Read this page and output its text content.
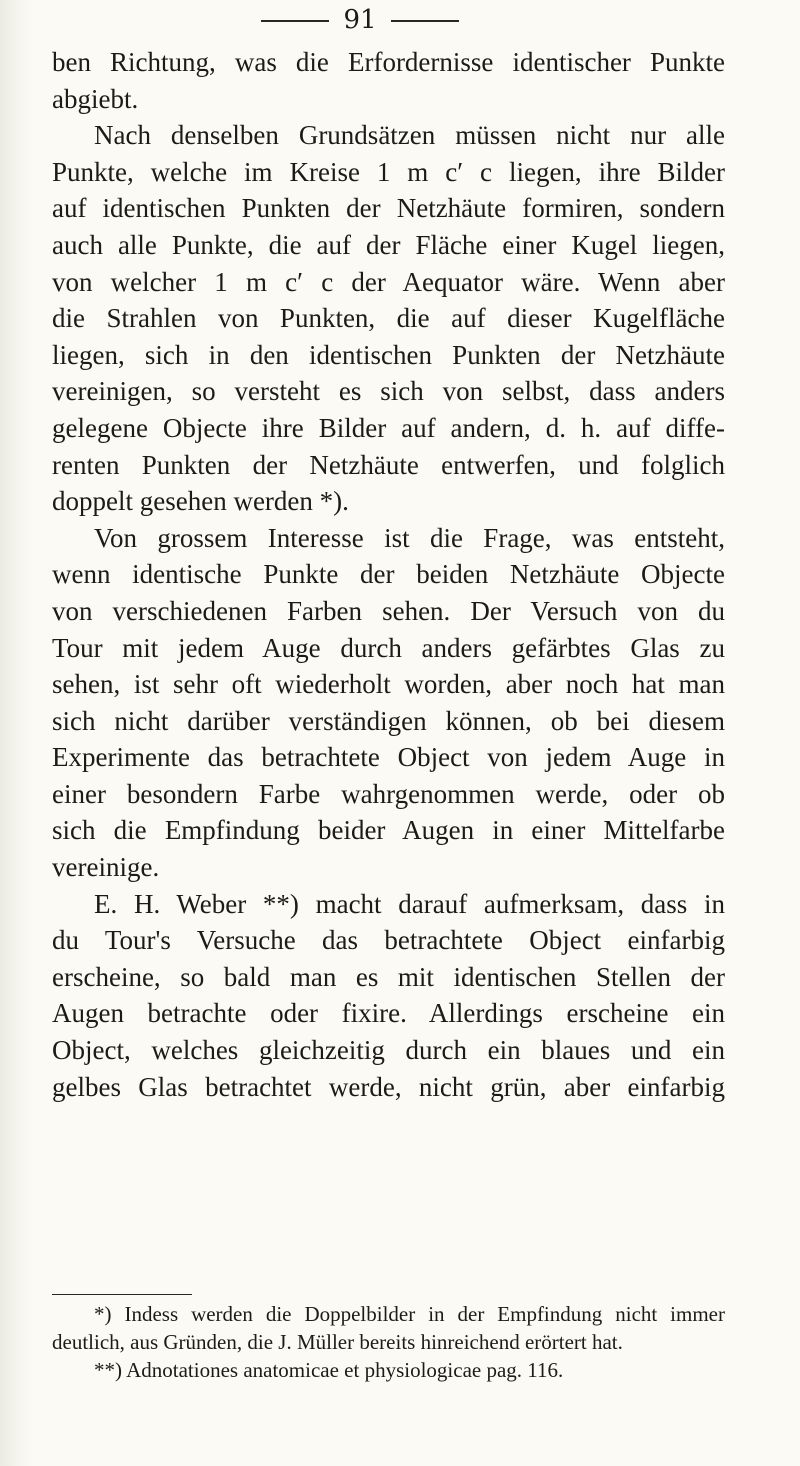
91
ben Richtung, was die Erfordernisse identischer Punkte
abgiebt.
Nach denselben Grundsätzen müssen nicht nur alle
Punkte, welche im Kreise 1 m c′ c liegen, ihre Bilder
auf identischen Punkten der Netzhäute formiren, sondern
auch alle Punkte, die auf der Fläche einer Kugel liegen,
von welcher 1 m c′ c der Aequator wäre. Wenn aber
die Strahlen von Punkten, die auf dieser Kugelfläche
liegen, sich in den identischen Punkten der Netzhäute
vereinigen, so versteht es sich von selbst, dass anders
gelegene Objecte ihre Bilder auf andern, d. h. auf diffe-
renten Punkten der Netzhäute entwerfen, und folglich
doppelt gesehen werden *).
Von grossem Interesse ist die Frage, was entsteht,
wenn identische Punkte der beiden Netzhäute Objecte
von verschiedenen Farben sehen. Der Versuch von du
Tour mit jedem Auge durch anders gefärbtes Glas zu
sehen, ist sehr oft wiederholt worden, aber noch hat man
sich nicht darüber verständigen können, ob bei diesem
Experimente das betrachtete Object von jedem Auge in
einer besondern Farbe wahrgenommen werde, oder ob
sich die Empfindung beider Augen in einer Mittelfarbe
vereinige.
E. H. Weber **) macht darauf aufmerksam, dass in
du Tour's Versuche das betrachtete Object einfarbig
erscheine, so bald man es mit identischen Stellen der
Augen betrachte oder fixire. Allerdings erscheine ein
Object, welches gleichzeitig durch ein blaues und ein
gelbes Glas betrachtet werde, nicht grün, aber einfarbig
*) Indess werden die Doppelbilder in der Empfindung nicht immer
deutlich, aus Gründen, die J. Müller bereits hinreichend erörtert hat.
**) Adnotationes anatomicae et physiologicae pag. 116.
